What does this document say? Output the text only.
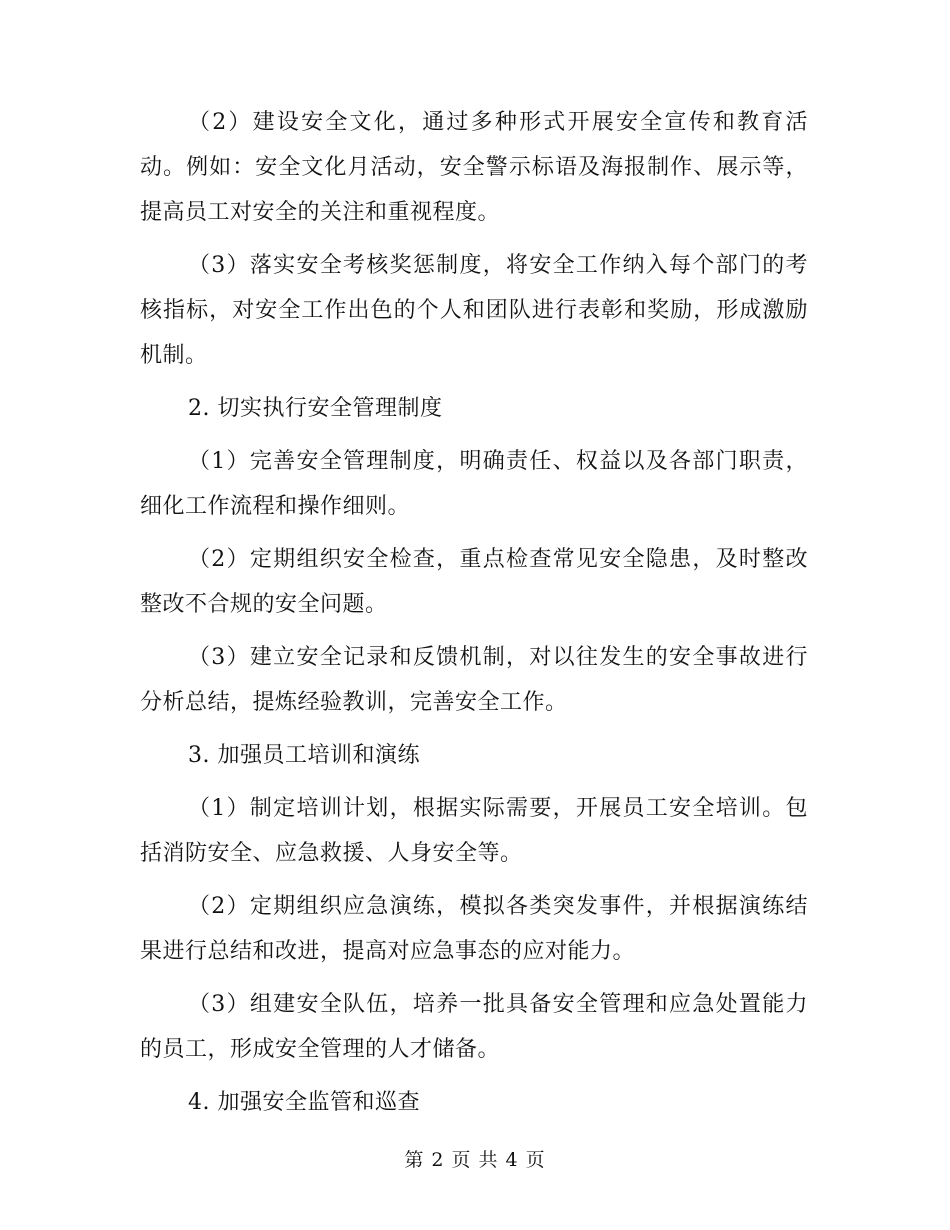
（2）建设安全文化，通过多种形式开展安全宣传和教育活动。例如：安全文化月活动，安全警示标语及海报制作、展示等，提高员工对安全的关注和重视程度。

（3）落实安全考核奖惩制度，将安全工作纳入每个部门的考核指标，对安全工作出色的个人和团队进行表彰和奖励，形成激励机制。

2. 切实执行安全管理制度

（1）完善安全管理制度，明确责任、权益以及各部门职责，细化工作流程和操作细则。

（2）定期组织安全检查，重点检查常见安全隐患，及时整改整改不合规的安全问题。

（3）建立安全记录和反馈机制，对以往发生的安全事故进行分析总结，提炼经验教训，完善安全工作。

3. 加强员工培训和演练

（1）制定培训计划，根据实际需要，开展员工安全培训。包括消防安全、应急救援、人身安全等。

（2）定期组织应急演练，模拟各类突发事件，并根据演练结果进行总结和改进，提高对应急事态的应对能力。

（3）组建安全队伍，培养一批具备安全管理和应急处置能力的员工，形成安全管理的人才储备。

4. 加强安全监管和巡查

第 2 页 共 4 页
